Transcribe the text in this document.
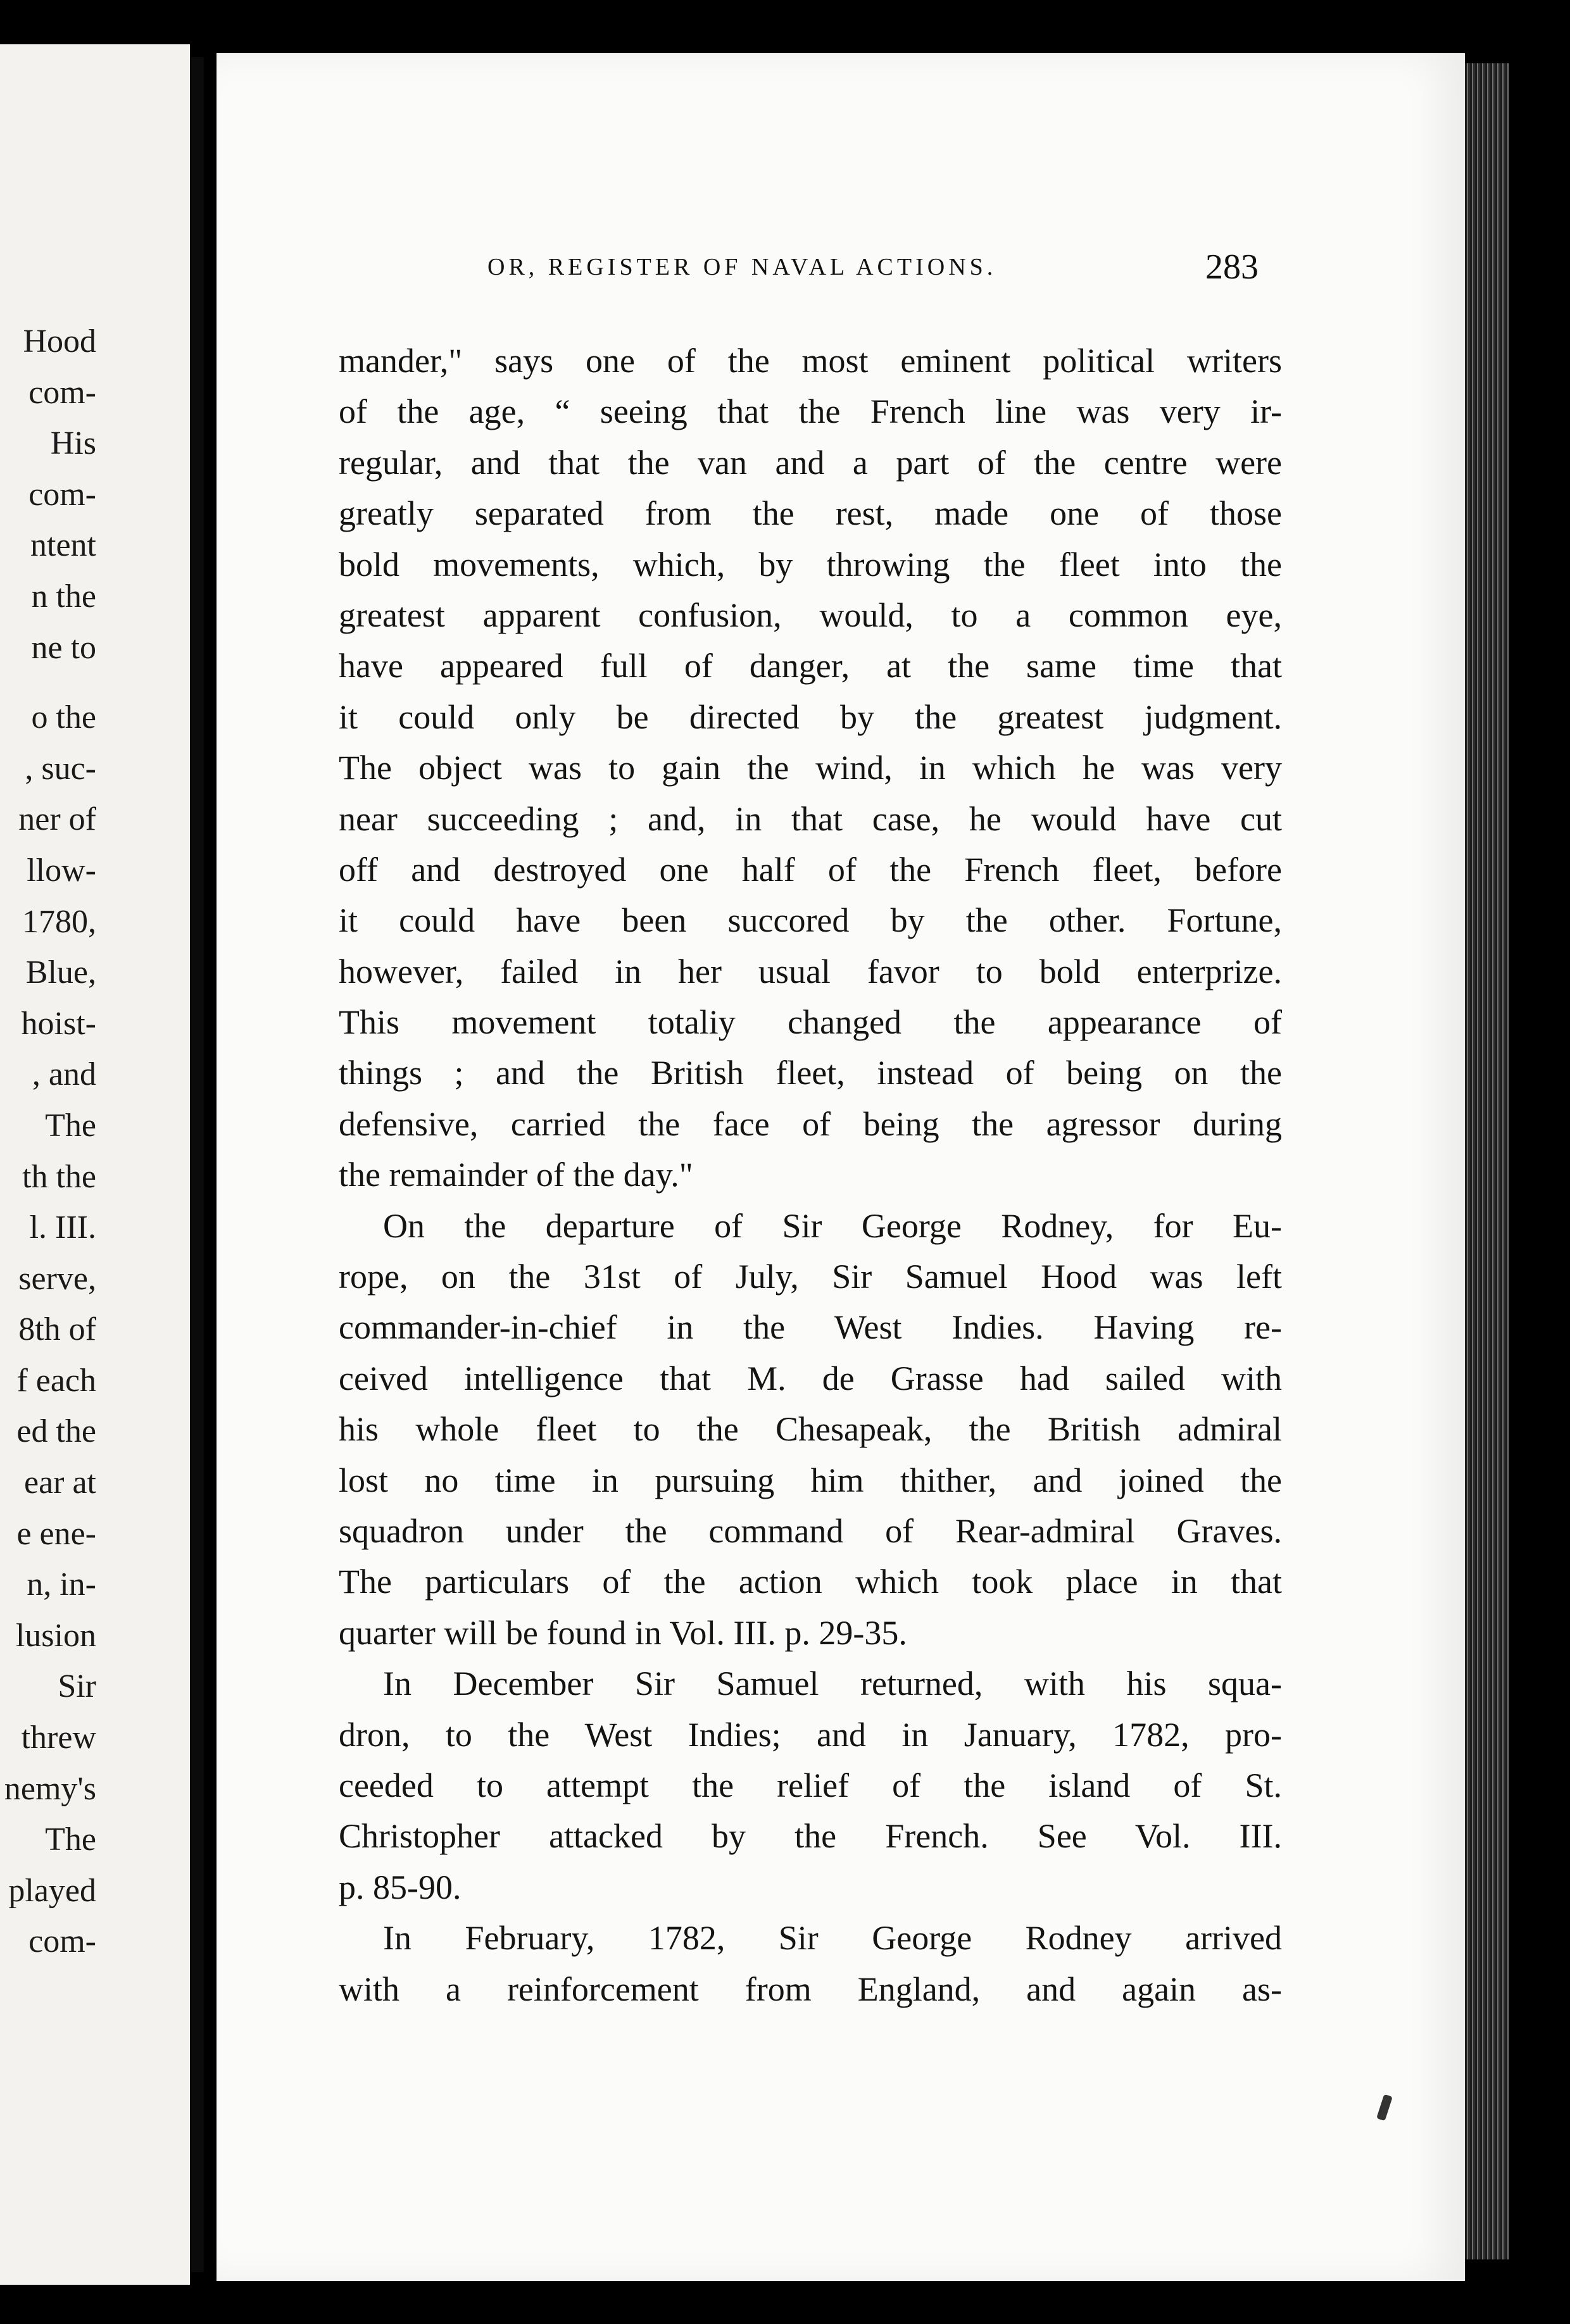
Hood
com-
His
com-
ntent
n the
ne to
o the
, suc-
ner of
llow-
1780,
Blue,
hoist-
, and
The
th the
l. III.
serve,
8th of
f each
ed the
ear at
e ene-
n, in-
lusion
Sir
threw
nemy's
The
played
com-
OR, REGISTER OF NAVAL ACTIONS.	283
mander," says one of the most eminent political writers
of the age, “ seeing that the French line was very ir-
regular, and that the van and a part of the centre were
greatly separated from the rest, made one of those
bold movements, which, by throwing the fleet into the
greatest apparent confusion, would, to a common eye,
have appeared full of danger, at the same time that
it could only be directed by the greatest judgment.
The object was to gain the wind, in which he was very
near succeeding ; and, in that case, he would have cut
off and destroyed one half of the French fleet, before
it could have been succored by the other. Fortune,
however, failed in her usual favor to bold enterprize.
This movement totaliy changed the appearance of
things ; and the British fleet, instead of being on the
defensive, carried the face of being the agressor during
the remainder of the day."
On the departure of Sir George Rodney, for Eu-
rope, on the 31st of July, Sir Samuel Hood was left
commander-in-chief in the West Indies. Having re-
ceived intelligence that M. de Grasse had sailed with
his whole fleet to the Chesapeak, the British admiral
lost no time in pursuing him thither, and joined the
squadron under the command of Rear-admiral Graves.
The particulars of the action which took place in that
quarter will be found in Vol. III. p. 29-35.
In December Sir Samuel returned, with his squa-
dron, to the West Indies; and in January, 1782, pro-
ceeded to attempt the relief of the island of St.
Christopher attacked by the French. See Vol. III.
p. 85-90.
In February, 1782, Sir George Rodney arrived
with a reinforcement from England, and again as-
